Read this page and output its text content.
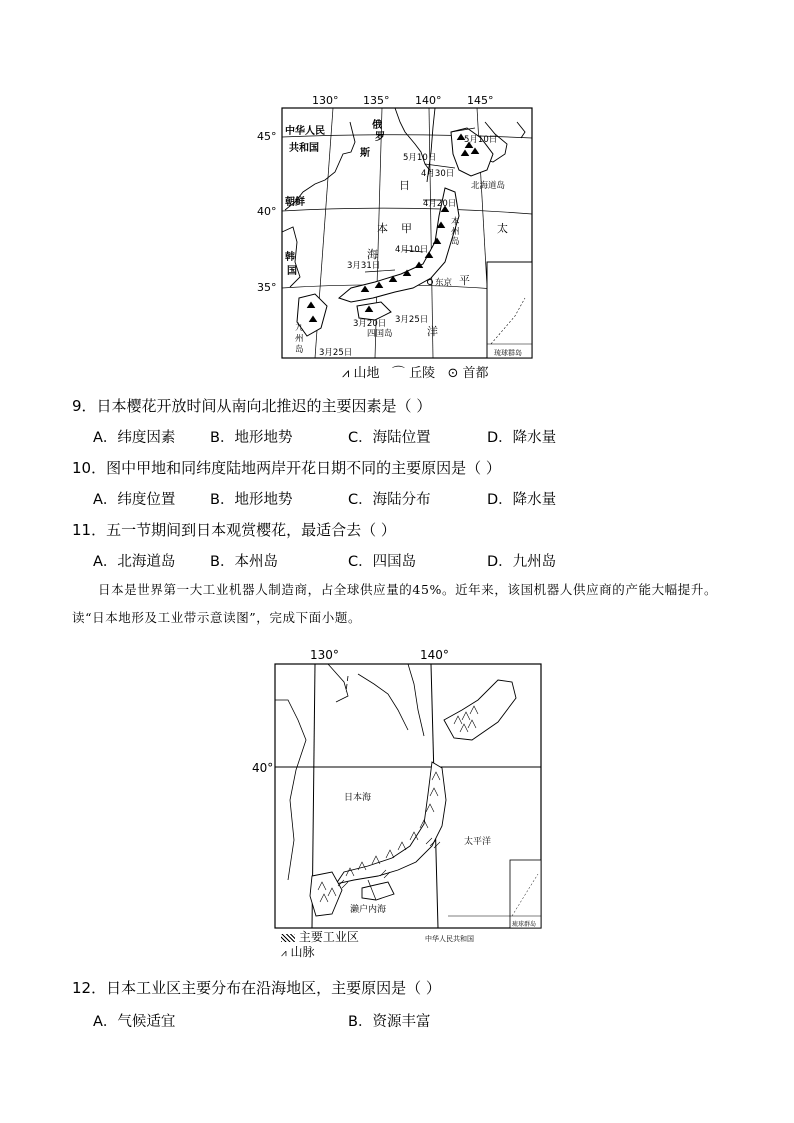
130° 135° 140° 145°
45°
40°
35°
中华人民
共和国
俄
罗
斯
朝鲜
韩
国
日
本
海
太
平
洋
甲
北海道岛
本
州
岛
东京
四国岛
九
州
岛	琉球群岛
5月10日
5月10日
4月30日
4月20日
4月10日
3月31日
3月20日 3月25日
3月25日
⩘ 山地 ⌒ 丘陵 ⊙ 首都
9．日本樱花开放时间从南向北推迟的主要因素是（ ）
A．纬度因素 B．地形地势	C．海陆位置	D．降水量
10．图中甲地和同纬度陆地两岸开花日期不同的主要原因是（ ）
A．纬度位置 B．地形地势	C．海陆分布	D．降水量
11．五一节期间到日本观赏樱花，最适合去（ ）
A．北海道岛 B．本州岛	C．四国岛	D．九州岛
日本是世界第一大工业机器人制造商，占全球供应量的45%。近年来，该国机器人供应商的产能大幅提升。读“日本地形及工业带示意读图”，完成下面小题。
130°	140°
40°
日本海
太平洋
濑户内海
琉球群岛
中华人民共和国
主要工业区
⩘ 山脉
12．日本工业区主要分布在沿海地区，主要原因是（ ）
A．气候适宜	B．资源丰富
